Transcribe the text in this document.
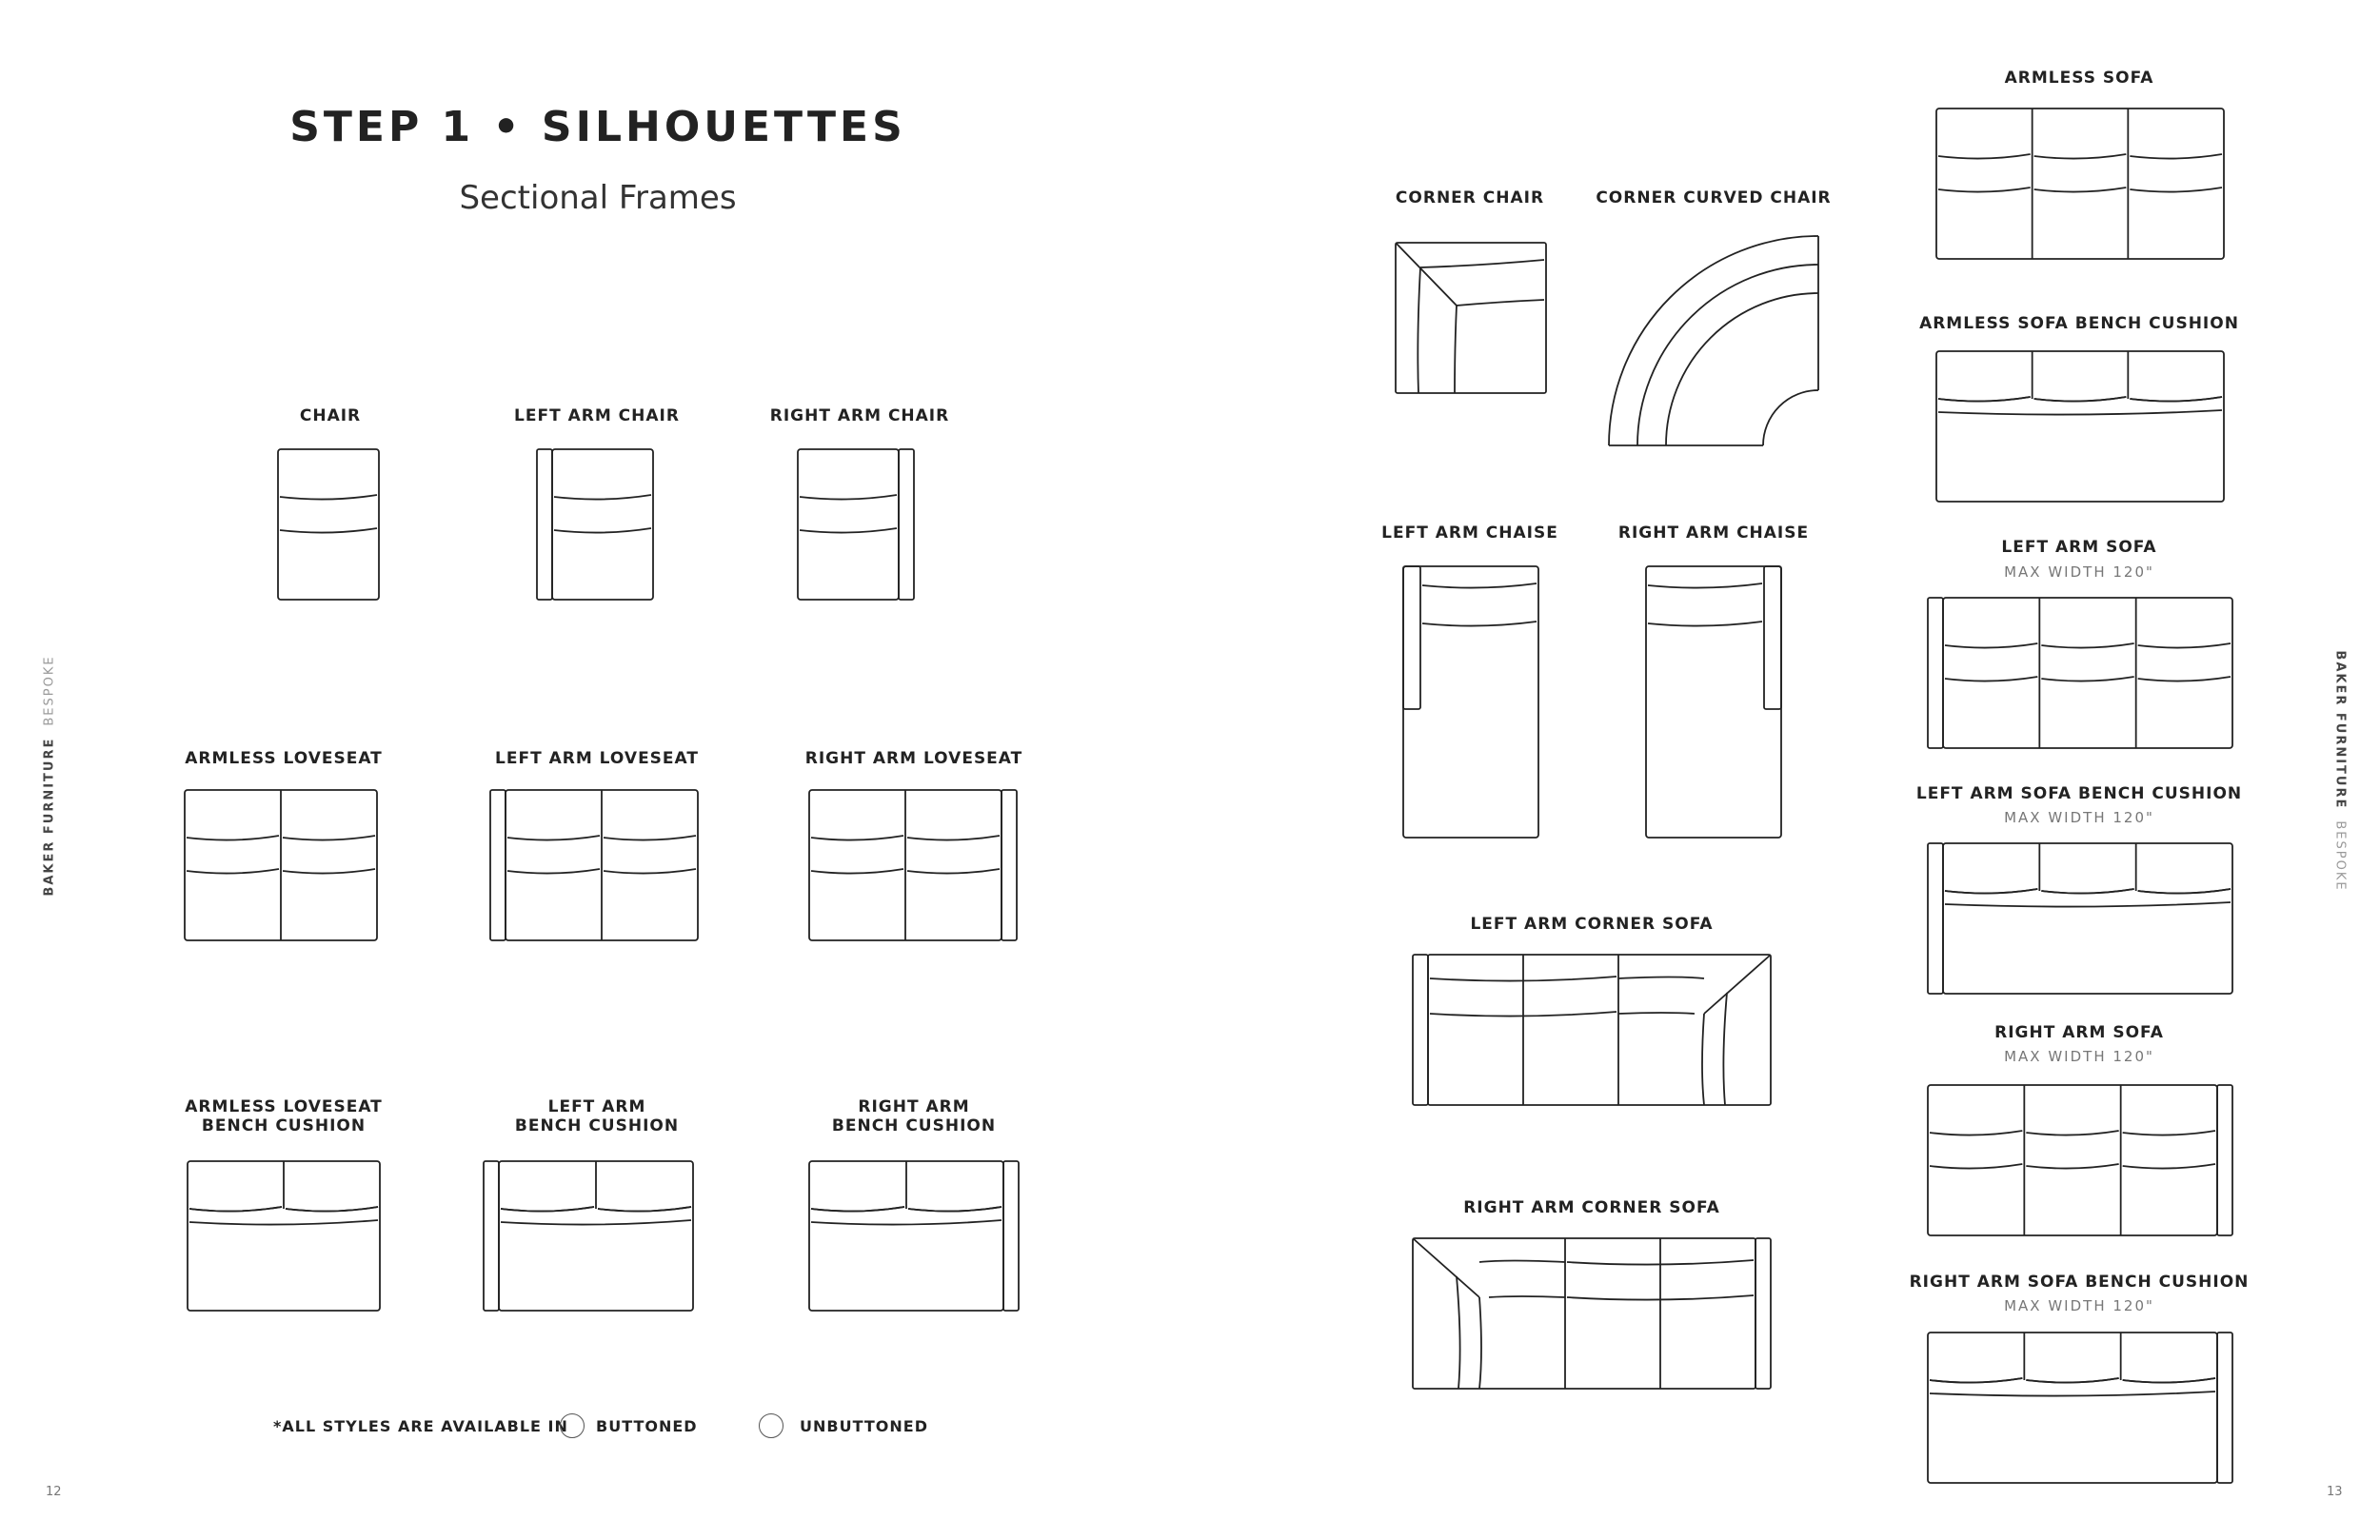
STEP 1 • SILHOUETTES
Sectional Frames
BAKER FURNITUREBESPOKE	BAKER FURNITUREBESPOKE
12	13
CHAIR	LEFT ARM CHAIR	RIGHT ARM CHAIR
ARMLESS LOVESEAT	LEFT ARM LOVESEAT	RIGHT ARM LOVESEAT
ARMLESS LOVESEAT
BENCH CUSHION
LEFT ARM
BENCH CUSHION
RIGHT ARM
BENCH CUSHION
CORNER CHAIR	CORNER CURVED CHAIR
LEFT ARM CHAISE	RIGHT ARM CHAISE
LEFT ARM CORNER SOFA
RIGHT ARM CORNER SOFA
ARMLESS SOFA
ARMLESS SOFA BENCH CUSHION
LEFT ARM SOFA
MAX WIDTH 120"
LEFT ARM SOFA BENCH CUSHION
MAX WIDTH 120"
RIGHT ARM SOFA
MAX WIDTH 120"
RIGHT ARM SOFA BENCH CUSHION
MAX WIDTH 120"
*ALL STYLES ARE AVAILABLE IN BUTTONED	UNBUTTONED
